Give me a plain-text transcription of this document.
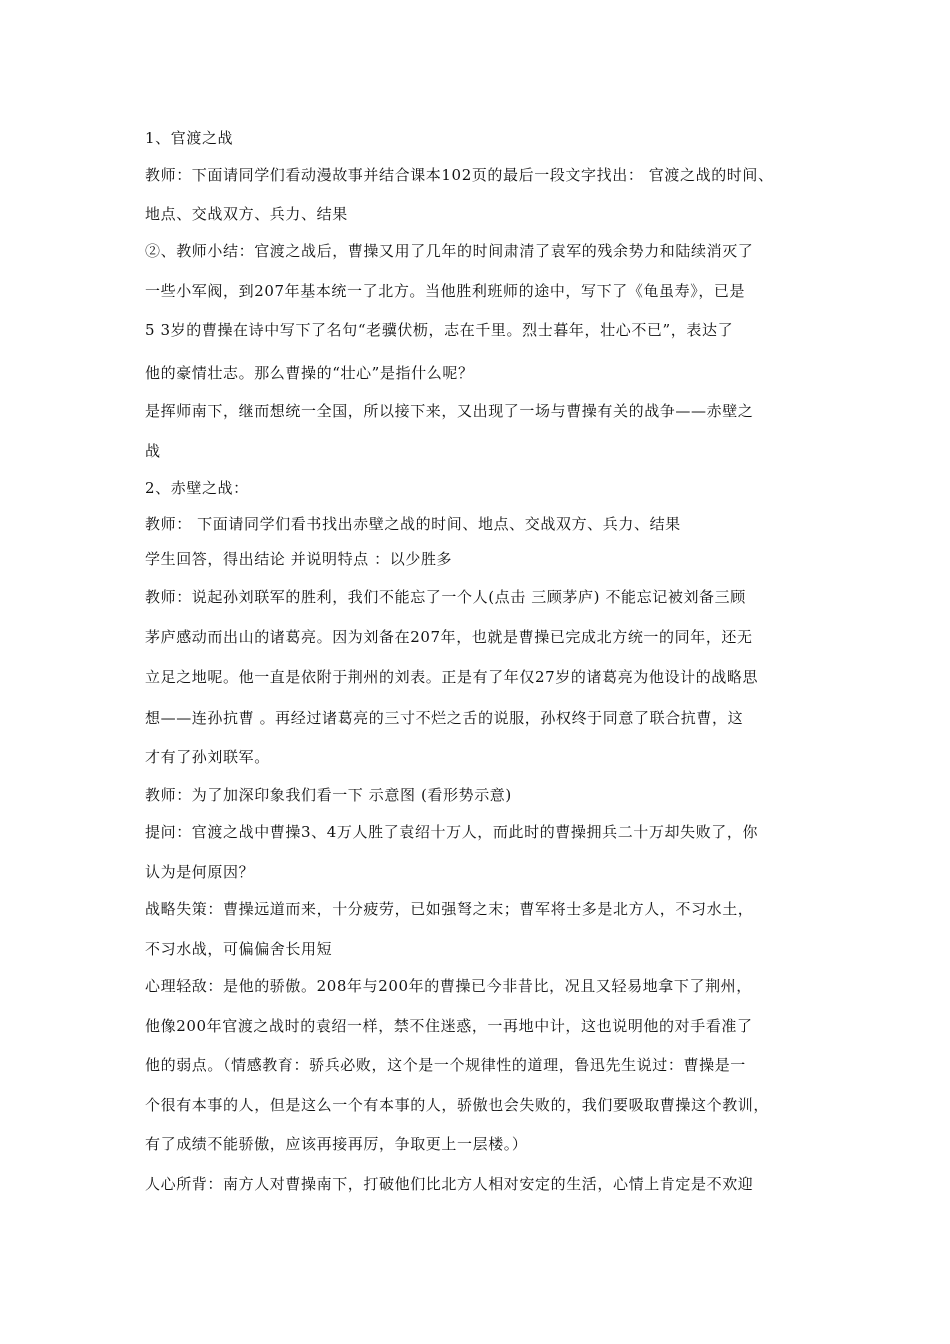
1、官渡之战
教师：下面请同学们看动漫故事并结合课本102页的最后一段文字找出： 官渡之战的时间、
地点、交战双方、兵力、结果
②、教师小结：官渡之战后，曹操又用了几年的时间肃清了袁军的残余势力和陆续消灭了
一些小军阀，到207年基本统一了北方。当他胜利班师的途中，写下了《龟虽寿》，已是
5 3岁的曹操在诗中写下了名句“老骥伏枥，志在千里。烈士暮年，壮心不已”，表达了
他的豪情壮志。那么曹操的“壮心”是指什么呢？
是挥师南下，继而想统一全国，所以接下来，又出现了一场与曹操有关的战争——赤壁之
战
2、赤壁之战：
教师： 下面请同学们看书找出赤壁之战的时间、地点、交战双方、兵力、结果
学生回答，得出结论 并说明特点 ：以少胜多
教师：说起孙刘联军的胜利，我们不能忘了一个人(点击 三顾茅庐) 不能忘记被刘备三顾
茅庐感动而出山的诸葛亮。因为刘备在207年，也就是曹操已完成北方统一的同年，还无
立足之地呢。他一直是依附于荆州的刘表。正是有了年仅27岁的诸葛亮为他设计的战略思
想——连孙抗曹 。再经过诸葛亮的三寸不烂之舌的说服，孙权终于同意了联合抗曹，这
才有了孙刘联军。
教师：为了加深印象我们看一下 示意图 (看形势示意)
提问：官渡之战中曹操3、4万人胜了袁绍十万人，而此时的曹操拥兵二十万却失败了，你
认为是何原因？
战略失策：曹操远道而来，十分疲劳，已如强弩之末；曹军将士多是北方人，不习水土，
不习水战，可偏偏舍长用短
心理轻敌：是他的骄傲。208年与200年的曹操已今非昔比，况且又轻易地拿下了荆州，
他像200年官渡之战时的袁绍一样，禁不住迷惑，一再地中计，这也说明他的对手看准了
他的弱点。（情感教育：骄兵必败，这个是一个规律性的道理，鲁迅先生说过：曹操是一
个很有本事的人，但是这么一个有本事的人，骄傲也会失败的，我们要吸取曹操这个教训，
有了成绩不能骄傲，应该再接再厉，争取更上一层楼。）
人心所背：南方人对曹操南下，打破他们比北方人相对安定的生活，心情上肯定是不欢迎
